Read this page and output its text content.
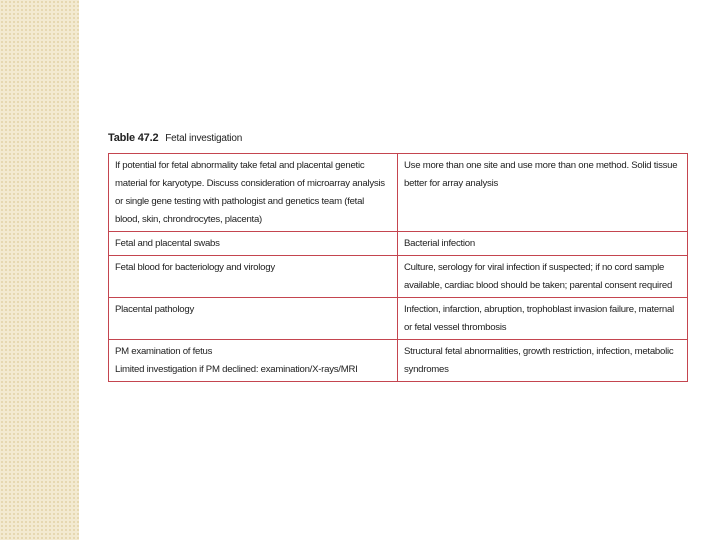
Table 47.2 Fetal investigation
If potential for fetal abnormality take fetal and placental genetic
material for karyotype. Discuss consideration of microarray analysis
or single gene testing with pathologist and genetics team (fetal
blood, skin, chrondrocytes, placenta)	Use more than one site and use more than one method. Solid tissue
better for array analysis

Fetal and placental swabs	Bacterial infection

Fetal blood for bacteriology and virology	Culture, serology for viral infection if suspected; if no cord sample
available, cardiac blood should be taken; parental consent required

Placental pathology	Infection, infarction, abruption, trophoblast invasion failure, maternal
or fetal vessel thrombosis

PM examination of fetus
Limited investigation if PM declined: examination/X-rays/MRI	Structural fetal abnormalities, growth restriction, infection, metabolic
syndromes
